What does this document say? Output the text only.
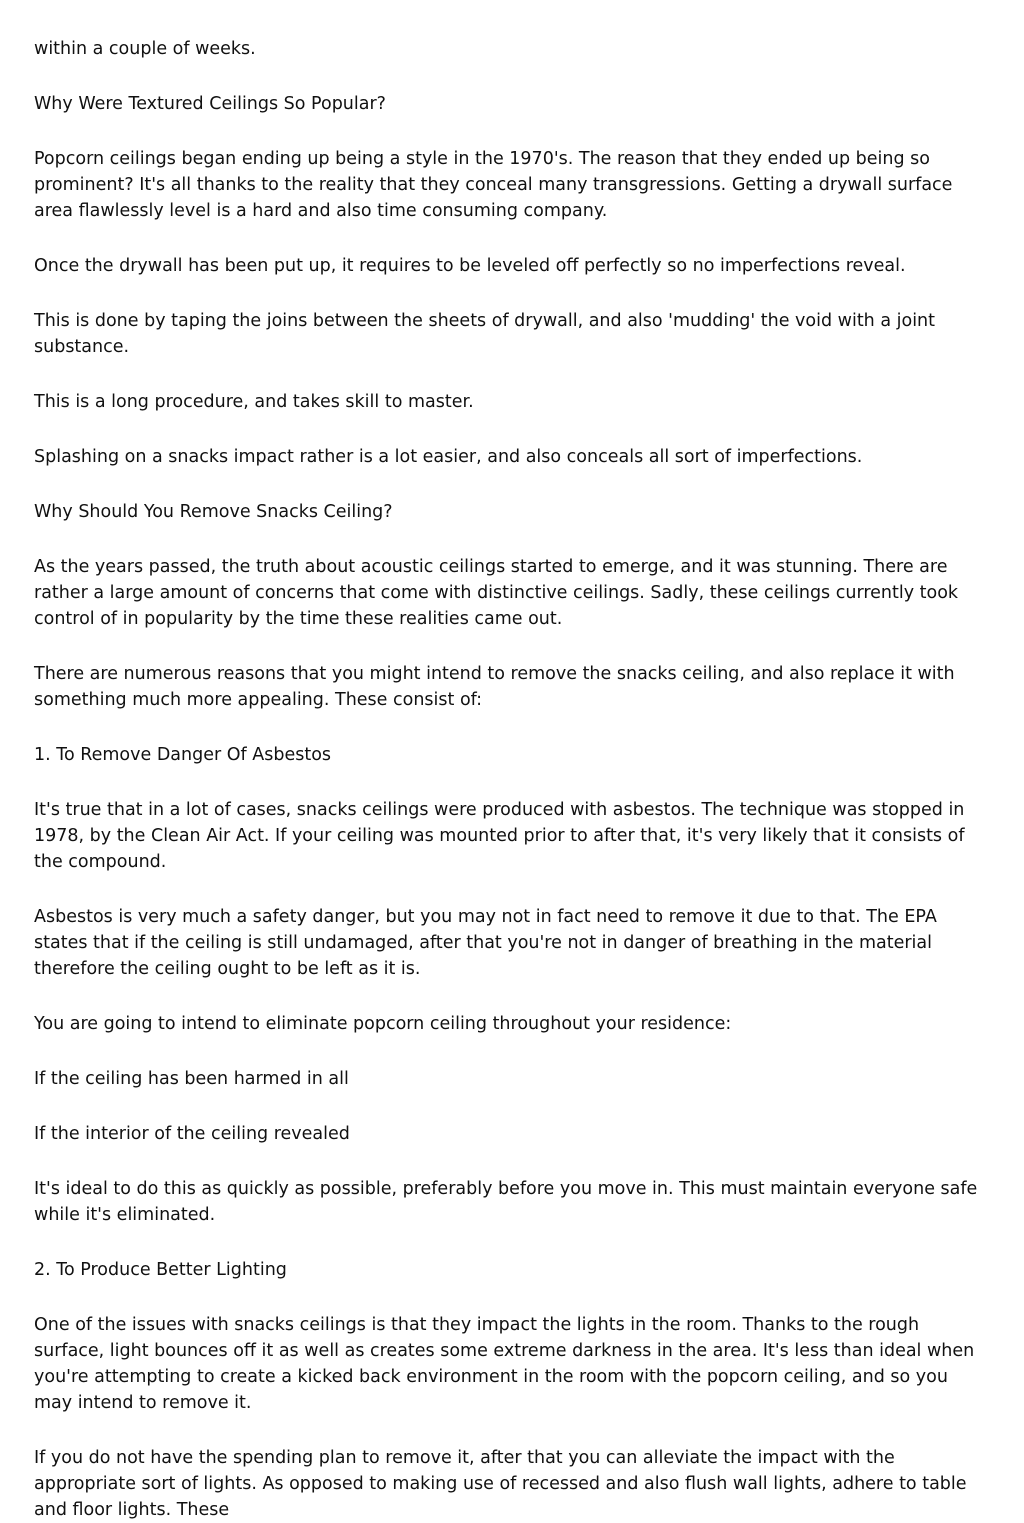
within a couple of weeks.

Why Were Textured Ceilings So Popular?

Popcorn ceilings began ending up being a style in the 1970's. The reason that they ended up being so prominent? It's all thanks to the reality that they conceal many transgressions. Getting a drywall surface area flawlessly level is a hard and also time consuming company.

Once the drywall has been put up, it requires to be leveled off perfectly so no imperfections reveal.

This is done by taping the joins between the sheets of drywall, and also 'mudding' the void with a joint substance.

This is a long procedure, and takes skill to master.

Splashing on a snacks impact rather is a lot easier, and also conceals all sort of imperfections.

Why Should You Remove Snacks Ceiling?

As the years passed, the truth about acoustic ceilings started to emerge, and it was stunning. There are rather a large amount of concerns that come with distinctive ceilings. Sadly, these ceilings currently took control of in popularity by the time these realities came out.

There are numerous reasons that you might intend to remove the snacks ceiling, and also replace it with something much more appealing. These consist of:

1. To Remove Danger Of Asbestos

It's true that in a lot of cases, snacks ceilings were produced with asbestos. The technique was stopped in 1978, by the Clean Air Act. If your ceiling was mounted prior to after that, it's very likely that it consists of the compound.

Asbestos is very much a safety danger, but you may not in fact need to remove it due to that. The EPA states that if the ceiling is still undamaged, after that you're not in danger of breathing in the material therefore the ceiling ought to be left as it is.

You are going to intend to eliminate popcorn ceiling throughout your residence:

If the ceiling has been harmed in all

If the interior of the ceiling revealed

It's ideal to do this as quickly as possible, preferably before you move in. This must maintain everyone safe while it's eliminated.

2. To Produce Better Lighting

One of the issues with snacks ceilings is that they impact the lights in the room. Thanks to the rough surface, light bounces off it as well as creates some extreme darkness in the area. It's less than ideal when you're attempting to create a kicked back environment in the room with the popcorn ceiling, and so you may intend to remove it.

If you do not have the spending plan to remove it, after that you can alleviate the impact with the appropriate sort of lights. As opposed to making use of recessed and also flush wall lights, adhere to table and floor lights. These
